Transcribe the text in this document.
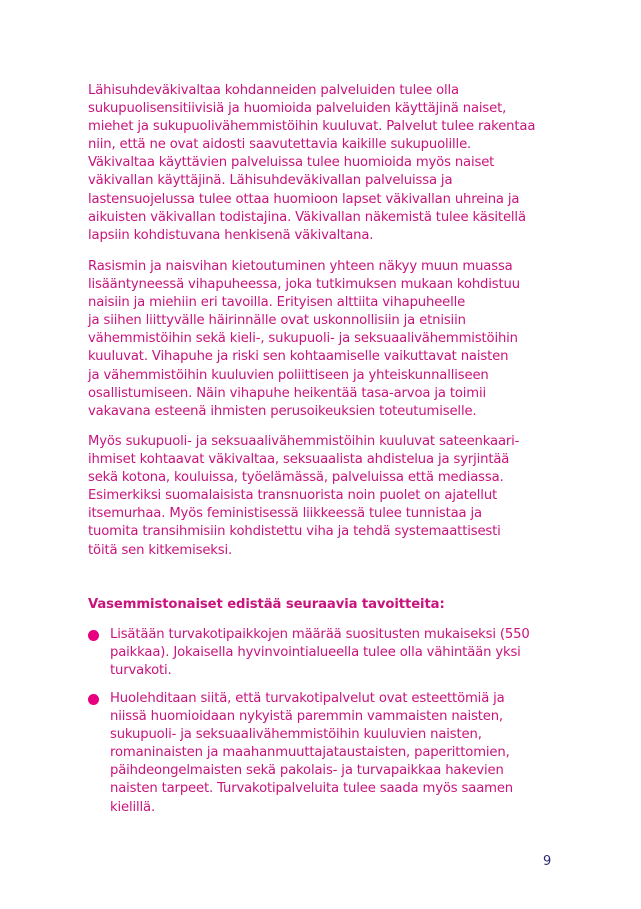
Lähisuhdeväkivaltaa kohdanneiden palveluiden tulee olla
sukupuolisensitiivisiä ja huomioida palveluiden käyttäjinä naiset,
miehet ja sukupuolivähemmistöihin kuuluvat. Palvelut tulee rakentaa
niin, että ne ovat aidosti saavutettavia kaikille sukupuolille.
Väkivaltaa käyttävien palveluissa tulee huomioida myös naiset
väkivallan käyttäjinä. Lähisuhdeväkivallan palveluissa ja
lastensuojelussa tulee ottaa huomioon lapset väkivallan uhreina ja
aikuisten väkivallan todistajina. Väkivallan näkemistä tulee käsitellä
lapsiin kohdistuvana henkisenä väkivaltana.

Rasismin ja naisvihan kietoutuminen yhteen näkyy muun muassa
lisääntyneessä vihapuheessa, joka tutkimuksen mukaan kohdistuu
naisiin ja miehiin eri tavoilla. Erityisen alttiita vihapuheelle
ja siihen liittyvälle häirinnälle ovat uskonnollisiin ja etnisiin
vähemmistöihin sekä kieli-, sukupuoli- ja seksuaalivähemmistöihin
kuuluvat. Vihapuhe ja riski sen kohtaamiselle vaikuttavat naisten
ja vähemmistöihin kuuluvien poliittiseen ja yhteiskunnalliseen
osallistumiseen. Näin vihapuhe heikentää tasa-arvoa ja toimii
vakavana esteenä ihmisten perusoikeuksien toteutumiselle.

Myös sukupuoli- ja seksuaalivähemmistöihin kuuluvat sateenkaari-
ihmiset kohtaavat väkivaltaa, seksuaalista ahdistelua ja syrjintää
sekä kotona, kouluissa, työelämässä, palveluissa että mediassa.
Esimerkiksi suomalaisista transnuorista noin puolet on ajatellut
itsemurhaa. Myös feministisessä liikkeessä tulee tunnistaa ja
tuomita transihmisiin kohdistettu viha ja tehdä systemaattisesti
töitä sen kitkemiseksi.

Vasemmistonaiset edistää seuraavia tavoitteita:

Lisätään turvakotipaikkojen määrää suositusten mukaiseksi (550
paikkaa). Jokaisella hyvinvointialueella tulee olla vähintään yksi
turvakoti.

Huolehditaan siitä, että turvakotipalvelut ovat esteettömiä ja
niissä huomioidaan nykyistä paremmin vammaisten naisten,
sukupuoli- ja seksuaalivähemmistöihin kuuluvien naisten,
romaninaisten ja maahanmuuttajataustaisten, paperittomien,
päihdeongelmaisten sekä pakolais- ja turvapaikkaa hakevien
naisten tarpeet. Turvakotipalveluita tulee saada myös saamen
kielillä.

9
